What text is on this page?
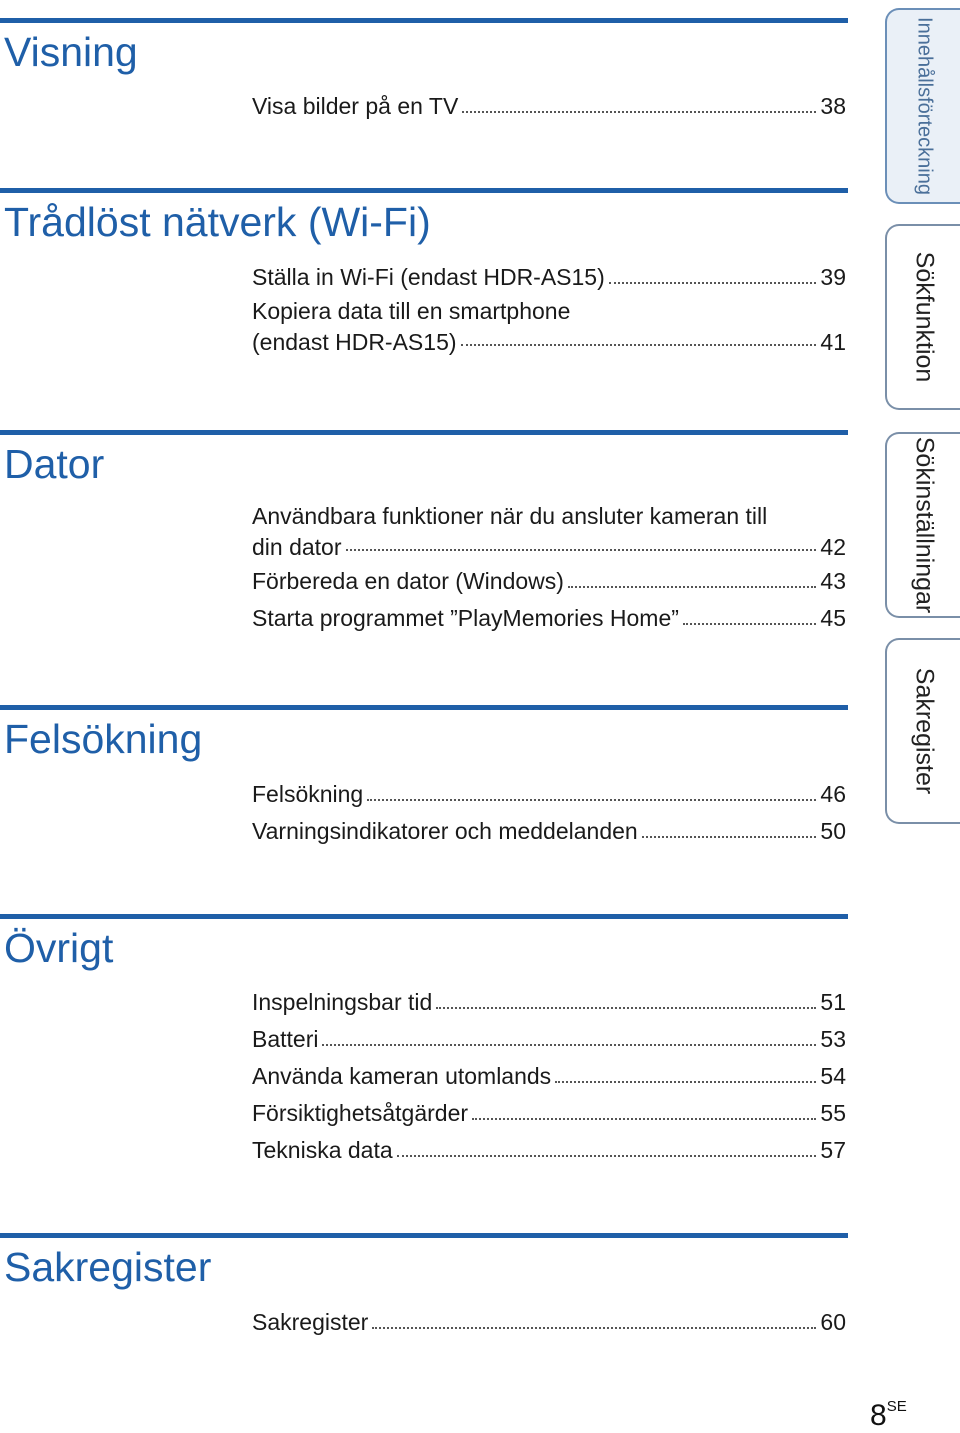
Visning
Visa bilder på en TV	38
Trådlöst nätverk (Wi-Fi)
Ställa in Wi-Fi (endast HDR-AS15)	39
Kopiera data till en smartphone
(endast HDR-AS15)	41
Dator
Användbara funktioner när du ansluter kameran till
din dator	42
Förbereda en dator (Windows)	43
Starta programmet ”PlayMemories Home”	45
Felsökning
Felsökning	46
Varningsindikatorer och meddelanden	50
Övrigt
Inspelningsbar tid	51
Batteri	53
Använda kameran utomlands	54
Försiktighetsåtgärder	55
Tekniska data	57
Sakregister
Sakregister	60
Innehållsförteckning
Sökfunktion
Sökinställningar
Sakregister
$8^{SE}$
